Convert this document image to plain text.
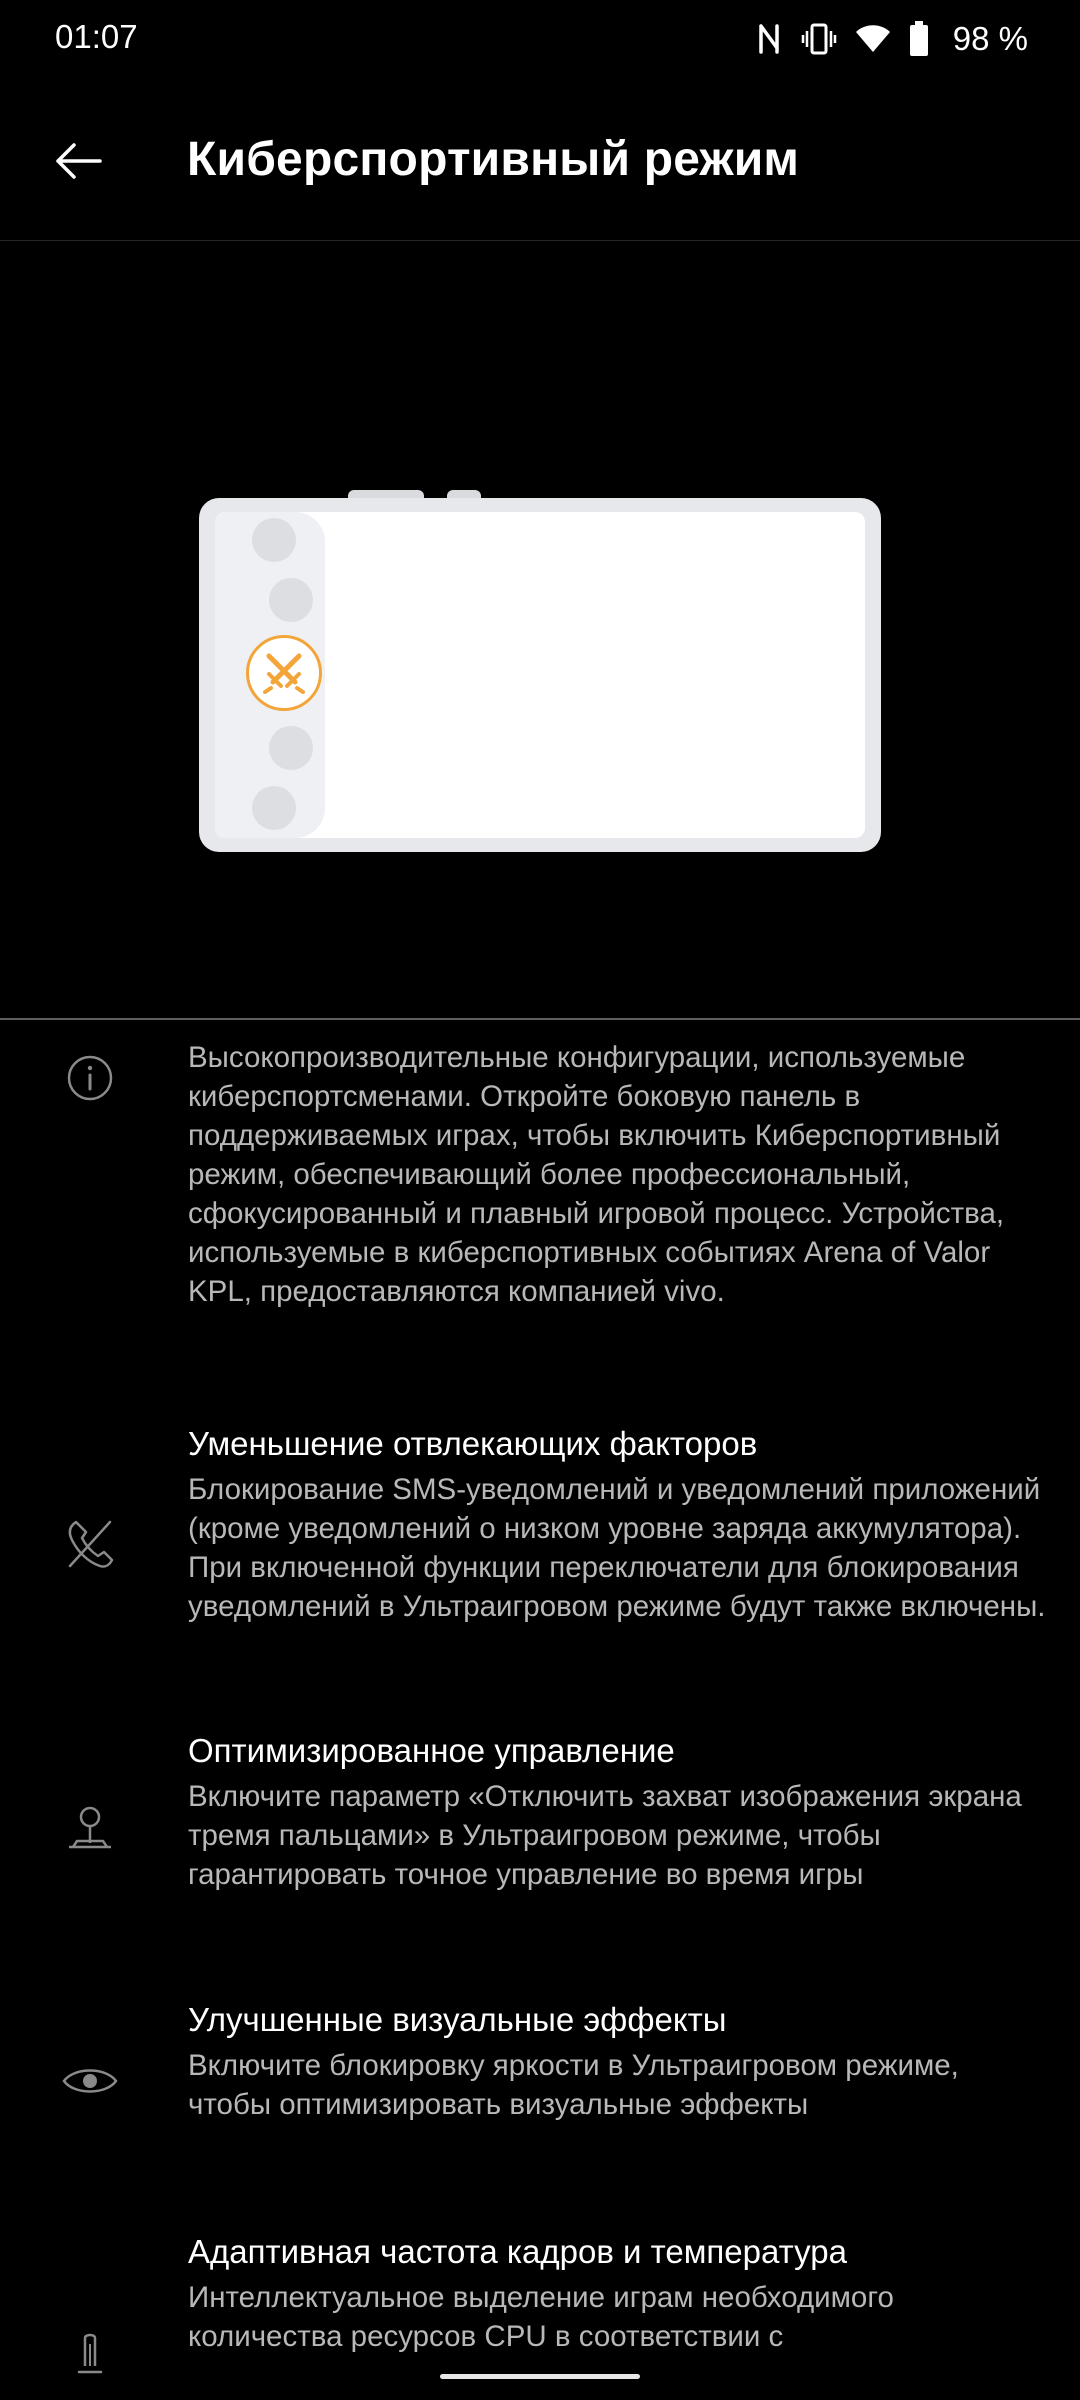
01:07	98 %
Киберспортивный режим

Высокопроизводительные конфигурации, используемые киберспортсменами. Откройте боковую панель в поддерживаемых играх, чтобы включить Киберспортивный режим, обеспечивающий более профессиональный, сфокусированный и плавный игровой процесс. Устройства, используемые в киберспортивных событиях Arena of Valor KPL, предоставляются компанией vivo.

Уменьшение отвлекающих факторов

Блокирование SMS-уведомлений и уведомлений приложений (кроме уведомлений о низком уровне заряда аккумулятора). При включенной функции переключатели для блокирования уведомлений в Ультраигровом режиме будут также включены.

Оптимизированное управление

Включите параметр «Отключить захват изображения экрана тремя пальцами» в Ультраигровом режиме, чтобы гарантировать точное управление во время игры

Улучшенные визуальные эффекты

Включите блокировку яркости в Ультраигровом режиме, чтобы оптимизировать визуальные эффекты

Адаптивная частота кадров и температура

Интеллектуальное выделение играм необходимого количества ресурсов CPU в соответствии с
